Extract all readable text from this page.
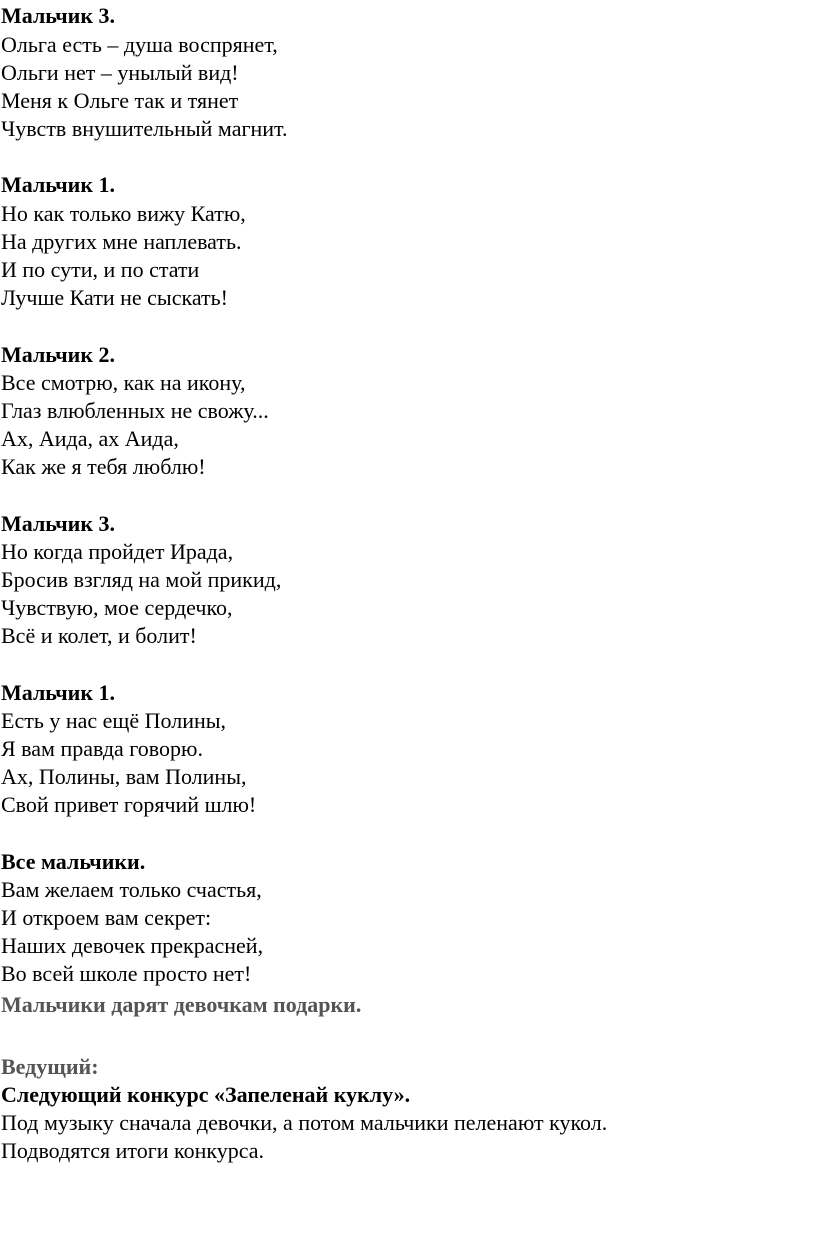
Мальчик 3.

Ольга есть – душа воспрянет,

Ольги нет – унылый вид!

Меня к Ольге так и тянет

Чувств внушительный магнит.

Мальчик 1.

Но как только вижу Катю,

На других мне наплевать.

И по сути, и по стати

Лучше Кати не сыскать!

Мальчик 2.

Все смотрю, как на икону,

Глаз влюбленных не свожу...

Ах, Аида, ах Аида,

Как же я тебя люблю!

Мальчик 3.

Но когда пройдет Ирада,

Бросив взгляд на мой прикид,

Чувствую, мое сердечко,

Всё и колет, и болит!

Мальчик 1.

Есть у нас ещё Полины,

Я вам правда говорю.

Ах, Полины, вам Полины,

Свой привет горячий шлю!

Все мальчики.

Вам желаем только счастья,

И откроем вам секрет:

Наших девочек прекрасней,

Во всей школе просто нет!

Мальчики дарят девочкам подарки.

Ведущий:

Следующий конкурс «Запеленай куклу».

Под музыку сначала девочки, а потом мальчики пеленают кукол.

Подводятся итоги конкурса.
